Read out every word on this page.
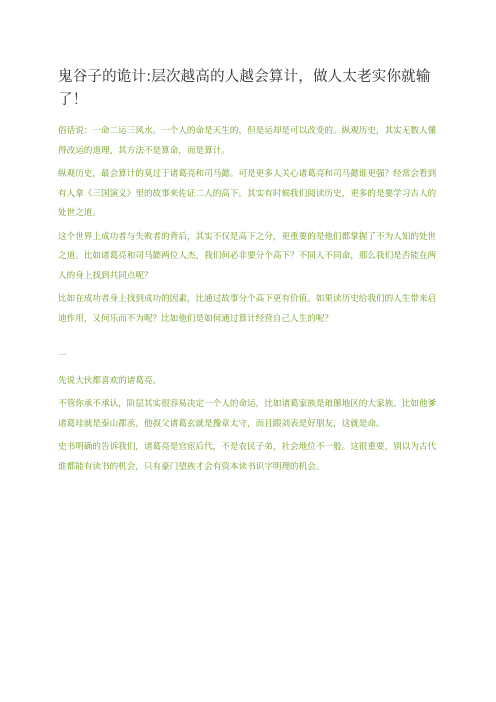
鬼谷子的诡计:层次越高的人越会算计，做人太老实你就输了！

俗话说：一命二运三风水。一个人的命是天生的，但是运却是可以改变的。纵观历史，其实无数人懂得改运的道理，其方法不是算命，而是算计。

纵观历史，最会算计的莫过于诸葛亮和司马懿。可是更多人关心诸葛亮和司马懿谁更强？经常会看到有人拿《三国演义》里的故事来佐证二人的高下。其实有时候我们阅读历史，更多的是要学习古人的处世之道。

这个世界上成功者与失败者的背后，其实不仅是高下之分，更重要的是他们都掌握了不为人知的处世之道。比如诸葛亮和司马懿两位人杰，我们何必非要分个高下？不同人不同命，那么我们是否能在两人的身上找到共同点呢？

比如在成功者身上找到成功的因素，比通过故事分个高下更有价值。如果读历史给我们的人生带来启迪作用，又何乐而不为呢？比如他们是如何通过算计经营自己人生的呢？

一

先说大伙都喜欢的诸葛亮。

不管你承不承认，阶层其实很容易决定一个人的命运，比如诸葛家族是琅琊地区的大家族。比如他爹诸葛珪就是泰山郡丞，他叔父诸葛玄就是豫章太守，而且跟刘表是好朋友，这就是命。

史书明确的告诉我们，诸葛亮是官宦后代，不是农民子弟，社会地位不一般。这很重要，别以为古代谁都能有读书的机会，只有豪门望族才会有资本读书识字明理的机会。
